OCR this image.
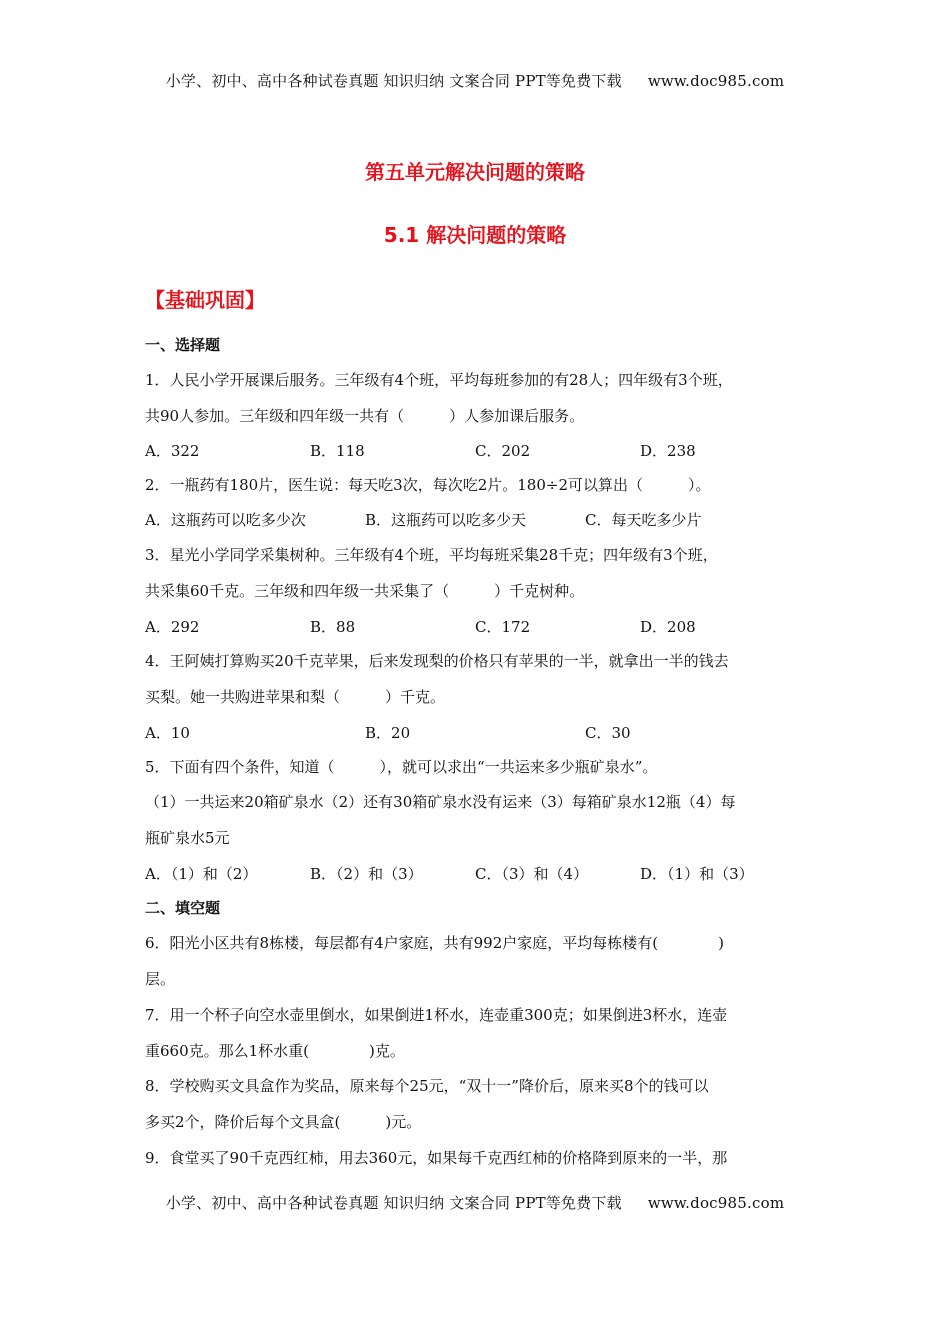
小学、初中、高中各种试卷真题 知识归纳 文案合同 PPT等免费下载 www.doc985.com
第五单元解决问题的策略
5.1 解决问题的策略
【基础巩固】
一、选择题
1．人民小学开展课后服务。三年级有4个班，平均每班参加的有28人；四年级有3个班，
共90人参加。三年级和四年级一共有（　　　）人参加课后服务。
A．322	B．118	C．202	D．238
2．一瓶药有180片，医生说：每天吃3次，每次吃2片。180÷2可以算出（　　　）。
A．这瓶药可以吃多少次	B．这瓶药可以吃多少天	C．每天吃多少片
3．星光小学同学采集树种。三年级有4个班，平均每班采集28千克；四年级有3个班，
共采集60千克。三年级和四年级一共采集了（　　　）千克树种。
A．292	B．88	C．172	D．208
4．王阿姨打算购买20千克苹果，后来发现梨的价格只有苹果的一半，就拿出一半的钱去
买梨。她一共购进苹果和梨（　　　）千克。
A．10	B．20	C．30
5．下面有四个条件，知道（　　　），就可以求出“一共运来多少瓶矿泉水”。
（1）一共运来20箱矿泉水（2）还有30箱矿泉水没有运来（3）每箱矿泉水12瓶（4）每
瓶矿泉水5元
A．（1）和（2）	B．（2）和（3）	C．（3）和（4）	D．（1）和（3）
二、填空题
6．阳光小区共有8栋楼，每层都有4户家庭，共有992户家庭，平均每栋楼有(　　　　)
层。
7．用一个杯子向空水壶里倒水，如果倒进1杯水，连壶重300克；如果倒进3杯水，连壶
重660克。那么1杯水重(　　　　)克。
8．学校购买文具盒作为奖品，原来每个25元，“双十一”降价后，原来买8个的钱可以
多买2个，降价后每个文具盒(　　　)元。
9．食堂买了90千克西红柿，用去360元，如果每千克西红柿的价格降到原来的一半，那
小学、初中、高中各种试卷真题 知识归纳 文案合同 PPT等免费下载 www.doc985.com
